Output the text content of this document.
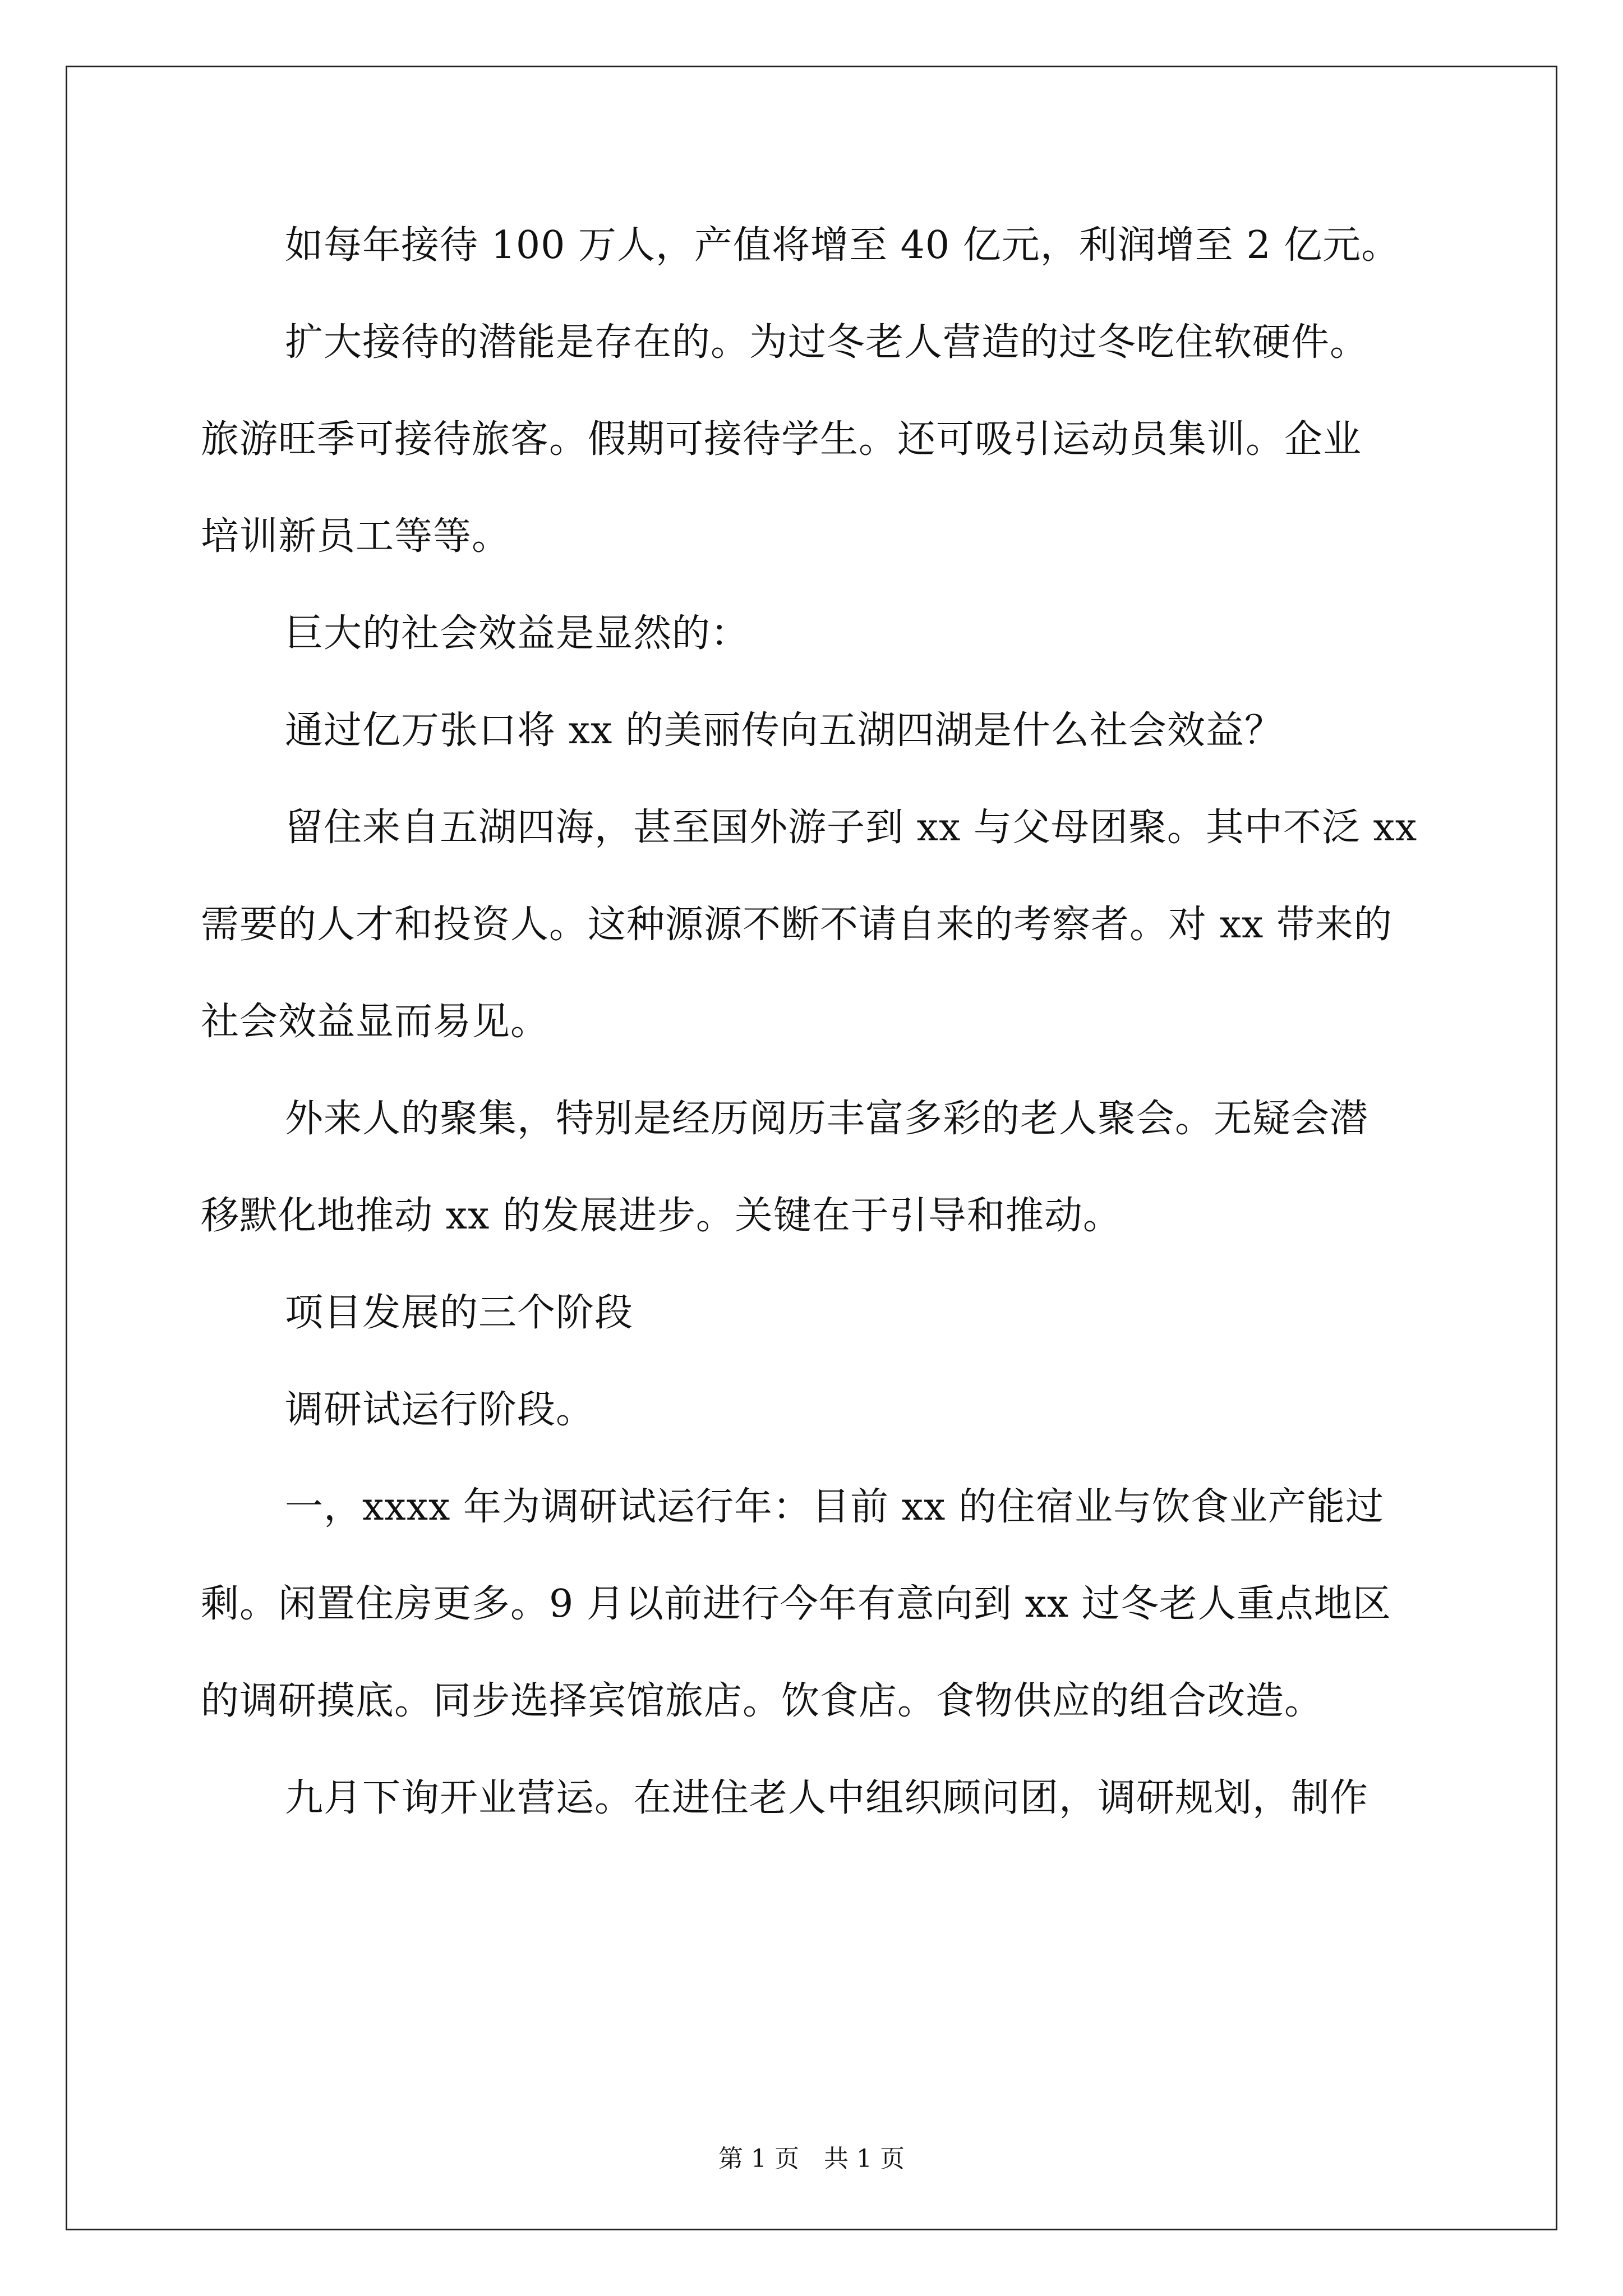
如每年接待 100 万人，产值将增至 40 亿元，利润增至 2 亿元。
扩大接待的潜能是存在的。为过冬老人营造的过冬吃住软硬件。
旅游旺季可接待旅客。假期可接待学生。还可吸引运动员集训。企业
培训新员工等等。
巨大的社会效益是显然的：
通过亿万张口将 xx 的美丽传向五湖四湖是什么社会效益？
留住来自五湖四海，甚至国外游子到 xx 与父母团聚。其中不泛 xx
需要的人才和投资人。这种源源不断不请自来的考察者。对 xx 带来的
社会效益显而易见。
外来人的聚集，特别是经历阅历丰富多彩的老人聚会。无疑会潜
移默化地推动 xx 的发展进步。关键在于引导和推动。
项目发展的三个阶段
调研试运行阶段。
一，xxxx 年为调研试运行年：目前 xx 的住宿业与饮食业产能过
剩。闲置住房更多。9 月以前进行今年有意向到 xx 过冬老人重点地区
的调研摸底。同步选择宾馆旅店。饮食店。食物供应的组合改造。
九月下询开业营运。在进住老人中组织顾问团，调研规划，制作
第 1 页　共 1 页
